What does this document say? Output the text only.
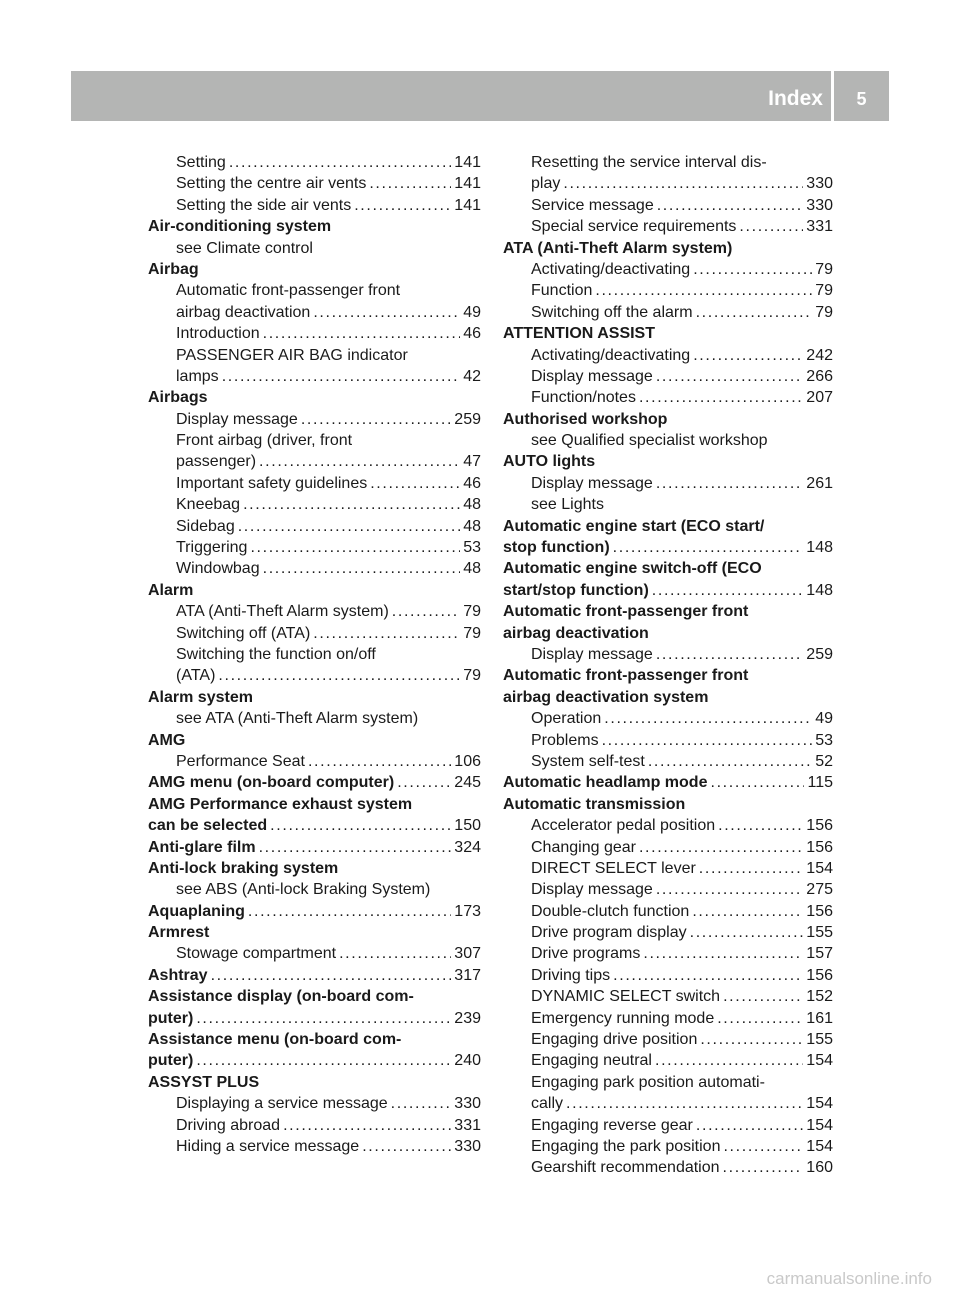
Index	5
Setting . . .	141
Setting the centre air vents . . .	141
Setting the side air vents . . .	141
Air-conditioning system
see Climate control
Airbag
Automatic front-passenger front
airbag deactivation . . .	49
Introduction . . .	46
PASSENGER AIR BAG indicator
lamps . . .	42
Airbags
Display message . . .	259
Front airbag (driver, front
passenger) . . .	47
Important safety guidelines . . .	46
Kneebag . . .	48
Sidebag . . .	48
Triggering . . .	53
Windowbag . . .	48
Alarm
ATA (Anti-Theft Alarm system) . . .	79
Switching off (ATA) . . .	79
Switching the function on/off
(ATA) . . .	79
Alarm system
see ATA (Anti-Theft Alarm system)
AMG
Performance Seat . . .	106
AMG menu (on-board computer) . . .	245
AMG Performance exhaust system
can be selected . . .	150
Anti-glare film . . .	324
Anti-lock braking system
see ABS (Anti-lock Braking System)
Aquaplaning . . .	173
Armrest
Stowage compartment . . .	307
Ashtray . . .	317
Assistance display (on-board com-
puter) . . .	239
Assistance menu (on-board com-
puter) . . .	240
ASSYST PLUS
Displaying a service message . . .	330
Driving abroad . . .	331
Hiding a service message . . .	330
Resetting the service interval dis-
play . . .	330
Service message . . .	330
Special service requirements . . .	331
ATA (Anti-Theft Alarm system)
Activating/deactivating . . .	79
Function . . .	79
Switching off the alarm . . .	79
ATTENTION ASSIST
Activating/deactivating . . .	242
Display message . . .	266
Function/notes . . .	207
Authorised workshop
see Qualified specialist workshop
AUTO lights
Display message . . .	261
see Lights
Automatic engine start (ECO start/
stop function) . . .	148
Automatic engine switch-off (ECO
start/stop function) . . .	148
Automatic front-passenger front
airbag deactivation
Display message . . .	259
Automatic front-passenger front
airbag deactivation system
Operation . . .	49
Problems . . .	53
System self-test . . .	52
Automatic headlamp mode . . .	115
Automatic transmission
Accelerator pedal position . . .	156
Changing gear . . .	156
DIRECT SELECT lever . . .	154
Display message . . .	275
Double-clutch function . . .	156
Drive program display . . .	155
Drive programs . . .	157
Driving tips . . .	156
DYNAMIC SELECT switch . . .	152
Emergency running mode . . .	161
Engaging drive position . . .	155
Engaging neutral . . .	154
Engaging park position automati-
cally . . .	154
Engaging reverse gear . . .	154
Engaging the park position . . .	154
Gearshift recommendation . . .	160
carmanualsonline.info
